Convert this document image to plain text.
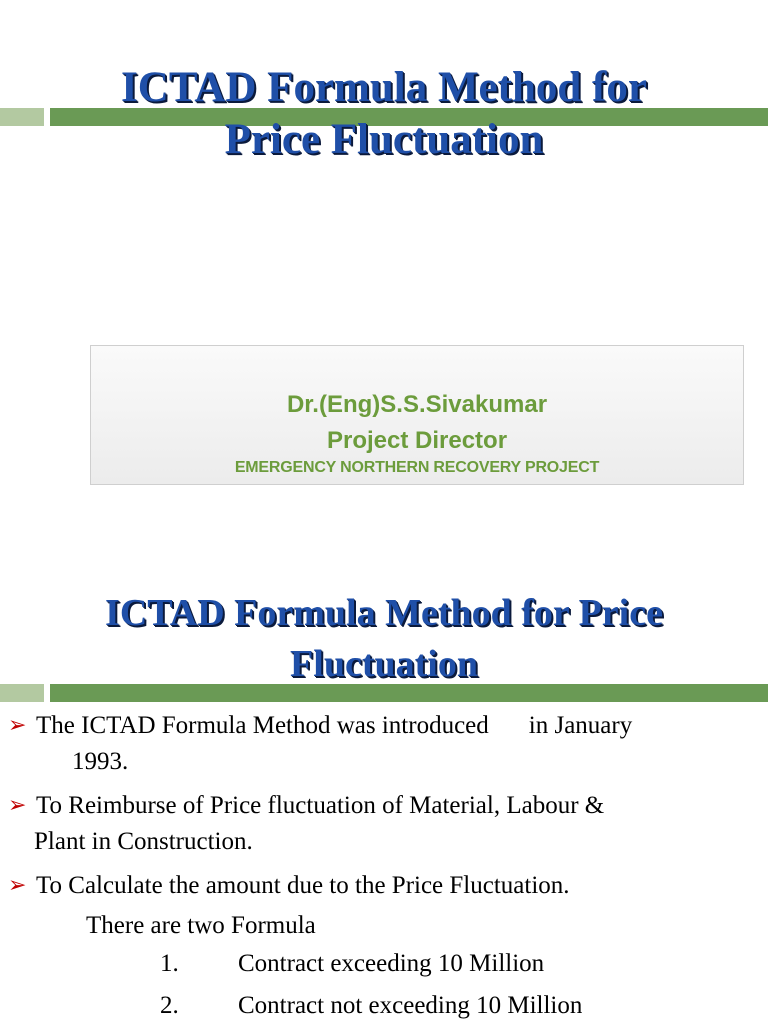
ICTAD Formula Method for
Price Fluctuation
Dr.(Eng)S.S.Sivakumar
Project Director
EMERGENCY NORTHERN RECOVERY PROJECT
ICTAD Formula Method for Price
Fluctuation
➢ The ICTAD Formula Method was introduced in January
1993.
➢ To Reimburse of Price fluctuation of Material, Labour &
Plant in Construction.
➢ To Calculate the amount due to the Price Fluctuation.
There are two Formula
1. Contract exceeding 10 Million
2. Contract not exceeding 10 Million
